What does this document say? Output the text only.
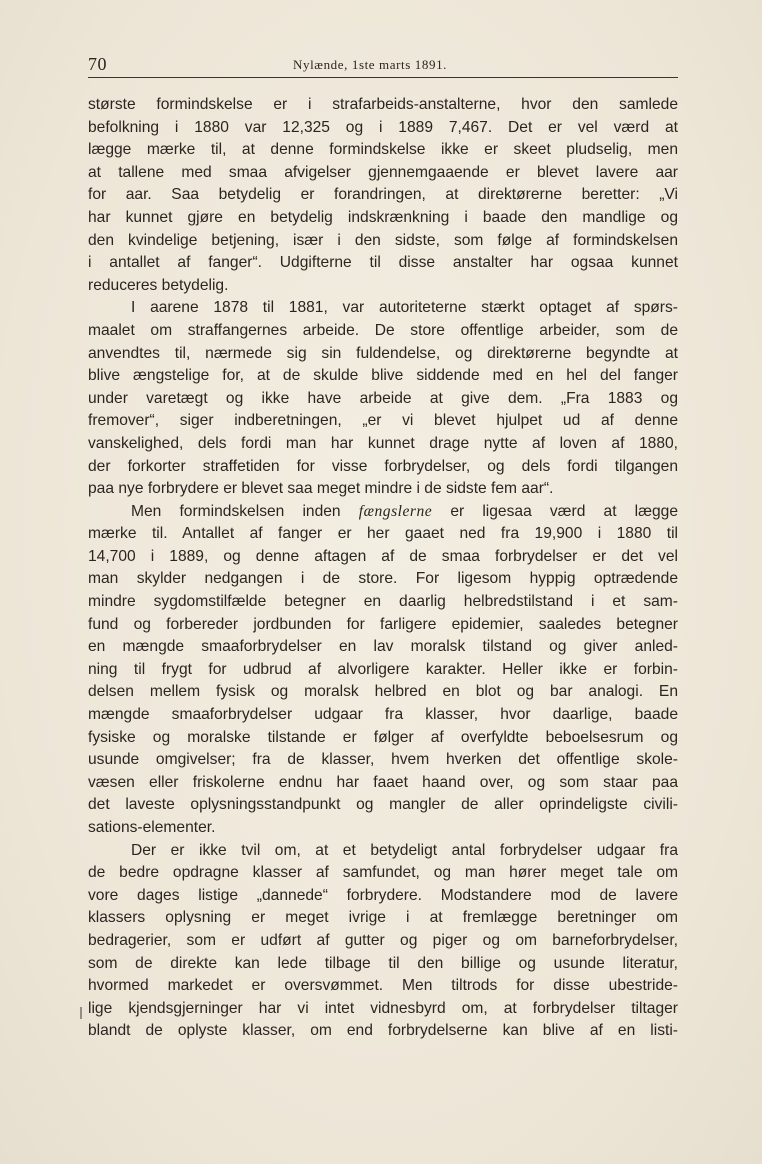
70	Nylænde, 1ste marts 1891.
største formindskelse er i strafarbeids-anstalterne, hvor den samlede
befolkning i 1880 var 12,325 og i 1889 7,467. Det er vel værd at
lægge mærke til, at denne formindskelse ikke er skeet pludselig, men
at tallene med smaa afvigelser gjennemgaaende er blevet lavere aar
for aar. Saa betydelig er forandringen, at direktørerne beretter: „Vi
har kunnet gjøre en betydelig indskrænkning i baade den mandlige og
den kvindelige betjening, især i den sidste, som følge af formindskelsen
i antallet af fanger“. Udgifterne til disse anstalter har ogsaa kunnet
reduceres betydelig.
I aarene 1878 til 1881, var autoriteterne stærkt optaget af spørs-
maalet om straffangernes arbeide. De store offentlige arbeider, som de
anvendtes til, nærmede sig sin fuldendelse, og direktørerne begyndte at
blive ængstelige for, at de skulde blive siddende med en hel del fanger
under varetægt og ikke have arbeide at give dem. „Fra 1883 og
fremover“, siger indberetningen, „er vi blevet hjulpet ud af denne
vanskelighed, dels fordi man har kunnet drage nytte af loven af 1880,
der forkorter straffetiden for visse forbrydelser, og dels fordi tilgangen
paa nye forbrydere er blevet saa meget mindre i de sidste fem aar“.
Men formindskelsen inden fængslerne er ligesaa værd at lægge
mærke til. Antallet af fanger er her gaaet ned fra 19,900 i 1880 til
14,700 i 1889, og denne aftagen af de smaa forbrydelser er det vel
man skylder nedgangen i de store. For ligesom hyppig optrædende
mindre sygdomstilfælde betegner en daarlig helbredstilstand i et sam-
fund og forbereder jordbunden for farligere epidemier, saaledes betegner
en mængde smaaforbrydelser en lav moralsk tilstand og giver anled-
ning til frygt for udbrud af alvorligere karakter. Heller ikke er forbin-
delsen mellem fysisk og moralsk helbred en blot og bar analogi. En
mængde smaaforbrydelser udgaar fra klasser, hvor daarlige, baade
fysiske og moralske tilstande er følger af overfyldte beboelsesrum og
usunde omgivelser; fra de klasser, hvem hverken det offentlige skole-
væsen eller friskolerne endnu har faaet haand over, og som staar paa
det laveste oplysningsstandpunkt og mangler de aller oprindeligste civili-
sations-elementer.
Der er ikke tvil om, at et betydeligt antal forbrydelser udgaar fra
de bedre opdragne klasser af samfundet, og man hører meget tale om
vore dages listige „dannede“ forbrydere. Modstandere mod de lavere
klassers oplysning er meget ivrige i at fremlægge beretninger om
bedragerier, som er udført af gutter og piger og om barneforbrydelser,
som de direkte kan lede tilbage til den billige og usunde literatur,
hvormed markedet er oversvømmet. Men tiltrods for disse ubestride-
lige kjendsgjerninger har vi intet vidnesbyrd om, at forbrydelser tiltager
blandt de oplyste klasser, om end forbrydelserne kan blive af en listi-
